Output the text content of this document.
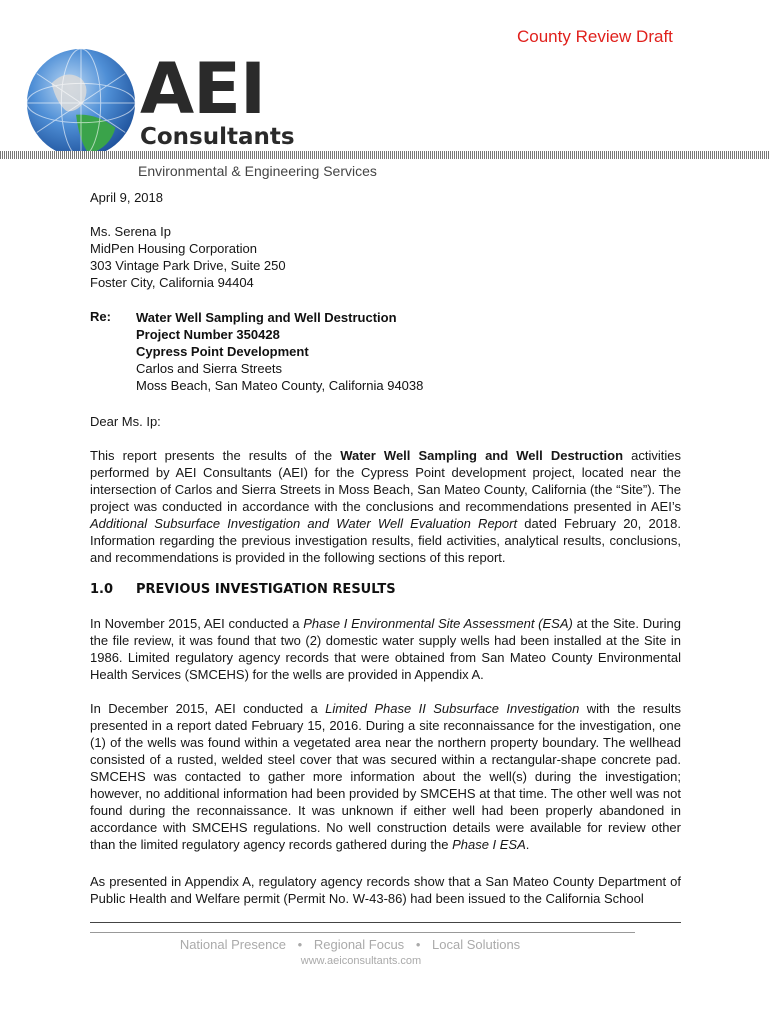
County Review Draft
AEI
Consultants
Environmental & Engineering Services
April 9, 2018
Ms. Serena Ip
MidPen Housing Corporation
303 Vintage Park Drive, Suite 250
Foster City, California 94404
Re: Water Well Sampling and Well Destruction
Project Number 350428
Cypress Point Development
Carlos and Sierra Streets
Moss Beach, San Mateo County, California 94038
Dear Ms. Ip:
This report presents the results of the Water Well Sampling and Well Destruction activities performed by AEI Consultants (AEI) for the Cypress Point development project, located near the intersection of Carlos and Sierra Streets in Moss Beach, San Mateo County, California (the “Site”). The project was conducted in accordance with the conclusions and recommendations presented in AEI’s Additional Subsurface Investigation and Water Well Evaluation Report dated February 20, 2018. Information regarding the previous investigation results, field activities, analytical results, conclusions, and recommendations is provided in the following sections of this report.
1.0 PREVIOUS INVESTIGATION RESULTS
In November 2015, AEI conducted a Phase I Environmental Site Assessment (ESA) at the Site. During the file review, it was found that two (2) domestic water supply wells had been installed at the Site in 1986. Limited regulatory agency records that were obtained from San Mateo County Environmental Health Services (SMCEHS) for the wells are provided in Appendix A.
In December 2015, AEI conducted a Limited Phase II Subsurface Investigation with the results presented in a report dated February 15, 2016. During a site reconnaissance for the investigation, one (1) of the wells was found within a vegetated area near the northern property boundary. The wellhead consisted of a rusted, welded steel cover that was secured within a rectangular-shape concrete pad. SMCEHS was contacted to gather more information about the well(s) during the investigation; however, no additional information had been provided by SMCEHS at that time. The other well was not found during the reconnaissance. It was unknown if either well had been properly abandoned in accordance with SMCEHS regulations. No well construction details were available for review other than the limited regulatory agency records gathered during the Phase I ESA.
As presented in Appendix A, regulatory agency records show that a San Mateo County Department of Public Health and Welfare permit (Permit No. W-43-86) had been issued to the California School
National Presence • Regional Focus • Local Solutions
www.aeiconsultants.com
